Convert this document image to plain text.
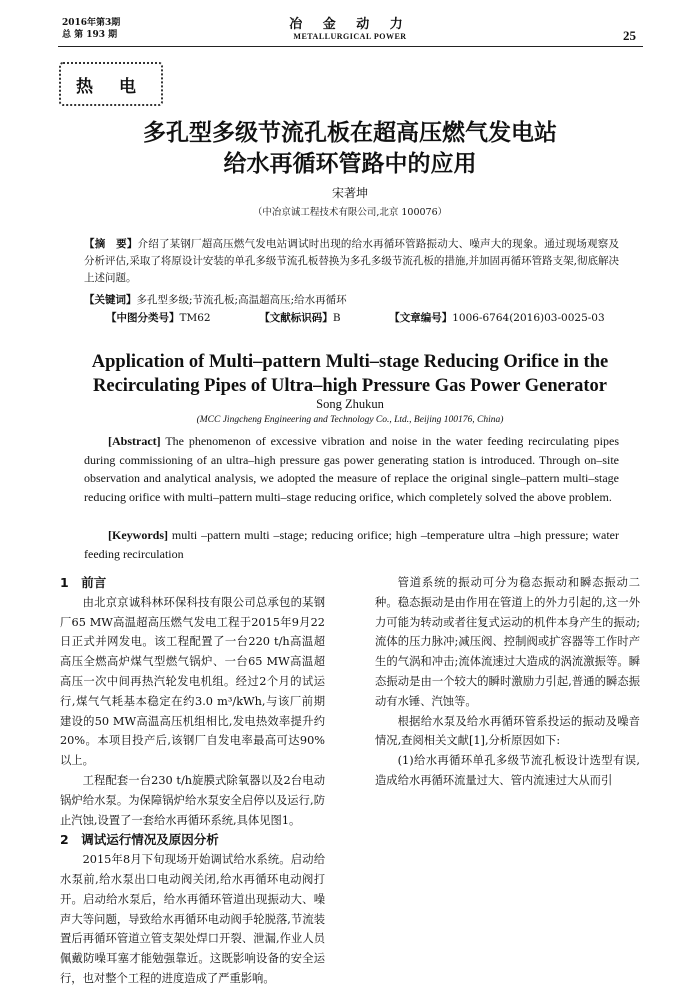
2016年第3期
总 第 193 期
冶 金 动 力
METALLURGICAL POWER	25
热 电
多孔型多级节流孔板在超高压燃气发电站
给水再循环管路中的应用
宋著坤
（中冶京诚工程技术有限公司,北京 100076）
【摘　要】介绍了某钢厂超高压燃气发电站调试时出现的给水再循环管路振动大、噪声大的现象。通过现场观察及分析评估,采取了将原设计安装的单孔多级节流孔板替换为多孔多级节流孔板的措施,并加固再循环管路支架,彻底解决上述问题。
【关键词】多孔型多级;节流孔板;高温超高压;给水再循环
【中图分类号】TM62	【文献标识码】B	【文章编号】1006-6764(2016)03-0025-03
Application of Multi–pattern Multi–stage Reducing Orifice in the
Recirculating Pipes of Ultra–high Pressure Gas Power Generator
Song Zhukun
(MCC Jingcheng Engineering and Technology Co., Ltd., Beijing 100176, China)
[Abstract] The phenomenon of excessive vibration and noise in the water feeding recirculating pipes during commissioning of an ultra–high pressure gas power generating station is introduced. Through on–site observation and analytical analysis, we adopted the measure of replace the original single–pattern multi–stage reducing orifice with multi–pattern multi–stage reducing orifice, which completely solved the above problem.
[Keywords] multi –pattern multi –stage; reducing orifice; high –temperature ultra –high pressure; water feeding recirculation

1　前言

由北京京诚科林环保科技有限公司总承包的某钢厂65 MW高温超高压燃气发电工程于2015年9月22日正式并网发电。该工程配置了一台220 t/h高温超高压全燃高炉煤气型燃气锅炉、一台65 MW高温超高压一次中间再热汽轮发电机组。经过2个月的试运行,煤气气耗基本稳定在约3.0 m³/kWh,与该厂前期建设的50 MW高温高压机组相比,发电热效率提升约20%。本项目投产后,该钢厂自发电率最高可达90%以上。

工程配套一台230 t/h旋膜式除氧器以及2台电动锅炉给水泵。为保障锅炉给水泵安全启停以及运行,防止汽蚀,设置了一套给水再循环系统,具体见图1。

2　调试运行情况及原因分析

2015年8月下旬现场开始调试给水系统。启动给水泵前,给水泵出口电动阀关闭,给水再循环电动阀打开。启动给水泵后，给水再循环管道出现振动大、噪声大等问题，导致给水再循环电动阀手轮脱落,节流装置后再循环管道立管支架处焊口开裂、泄漏,作业人员佩戴防噪耳塞才能勉强靠近。这既影响设备的安全运行，也对整个工程的进度造成了严重影响。

管道系统的振动可分为稳态振动和瞬态振动二种。稳态振动是由作用在管道上的外力引起的,这一外力可能为转动或者往复式运动的机件本身产生的振动;流体的压力脉冲;减压阀、控制阀或扩容器等工作时产生的气涡和冲击;流体流速过大造成的涡流激振等。瞬态振动是由一个较大的瞬时激励力引起,普通的瞬态振动有水锤、汽蚀等。

根据给水泵及给水再循环管系投运的振动及噪音情况,查阅相关文献[1],分析原因如下:

(1)给水再循环单孔多级节流孔板设计选型有误,造成给水再循环流量过大、管内流速过大从而引
